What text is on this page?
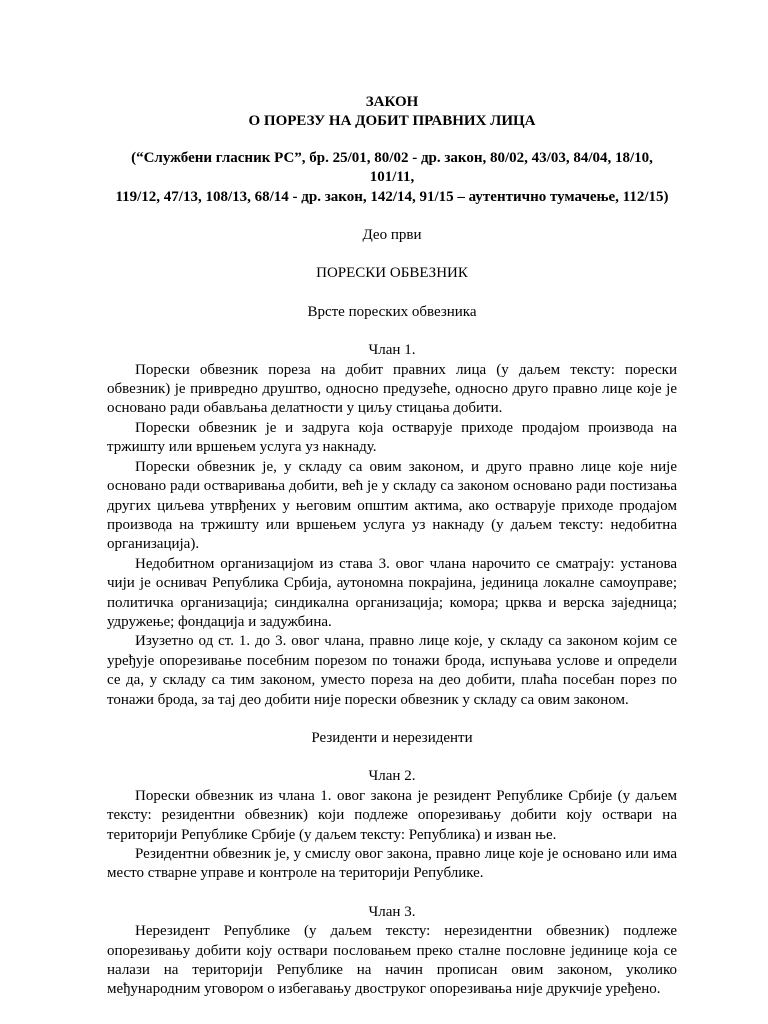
ЗАКОН

О ПОРЕЗУ НА ДОБИТ ПРАВНИХ ЛИЦА

(“Службени гласник РС”, бр. 25/01, 80/02 - др. закон, 80/02, 43/03, 84/04, 18/10, 101/11,

119/12, 47/13, 108/13, 68/14 - др. закон, 142/14, 91/15 – аутентично тумачење, 112/15)

Део први

ПОРЕСКИ ОБВЕЗНИК

Врсте пореских обвезника

Члан 1.

Порески обвезник пореза на добит правних лица (у даљем тексту: порески обвезник) је привредно друштво, односно предузеће, односно друго правно лице које је основано ради обављања делатности у циљу стицања добити.

Порески обвезник је и задруга која остварује приходе продајом производа на тржишту или вршењем услуга уз накнаду.

Порески обвезник је, у складу са овим законом, и друго правно лице које није основано ради остваривања добити, већ је у складу са законом основано ради постизања других циљева утврђених у његовим општим актима, ако остварује приходе продајом производа на тржишту или вршењем услуга уз накнаду (у даљем тексту: недобитна организација).

Недобитном организацијом из става 3. овог члана нарочито се сматрају: установа чији је оснивач Република Србија, аутономна покрајина, јединица локалне самоуправе; политичка организација; синдикална организација; комора; црква и верска заједница; удружење; фондација и задужбина.

Изузетно од ст. 1. до 3. овог члана, правно лице које, у складу са законом којим се уређује опорезивање посебним порезом по тонажи брода, испуњава услове и определи се да, у складу са тим законом, уместо пореза на део добити, плаћа посебан порез по тонажи брода, за тај део добити није порески обвезник у складу са овим законом.

Резиденти и нерезиденти

Члан 2.

Порески обвезник из члана 1. овог закона је резидент Републике Србије (у даљем тексту: резидентни обвезник) који подлеже опорезивању добити коју оствари на територији Републике Србије (у даљем тексту: Република) и изван ње.

Резидентни обвезник је, у смислу овог закона, правно лице које је основано или има место стварне управе и контроле на територији Републике.

Члан 3.

Нерезидент Републике (у даљем тексту: нерезидентни обвезник) подлеже опорезивању добити коју оствари пословањем преко сталне пословне јединице која се налази на територији Републике на начин прописан овим законом, уколико међународним уговором о избегавању двоструког опорезивања није друкчије уређено.
